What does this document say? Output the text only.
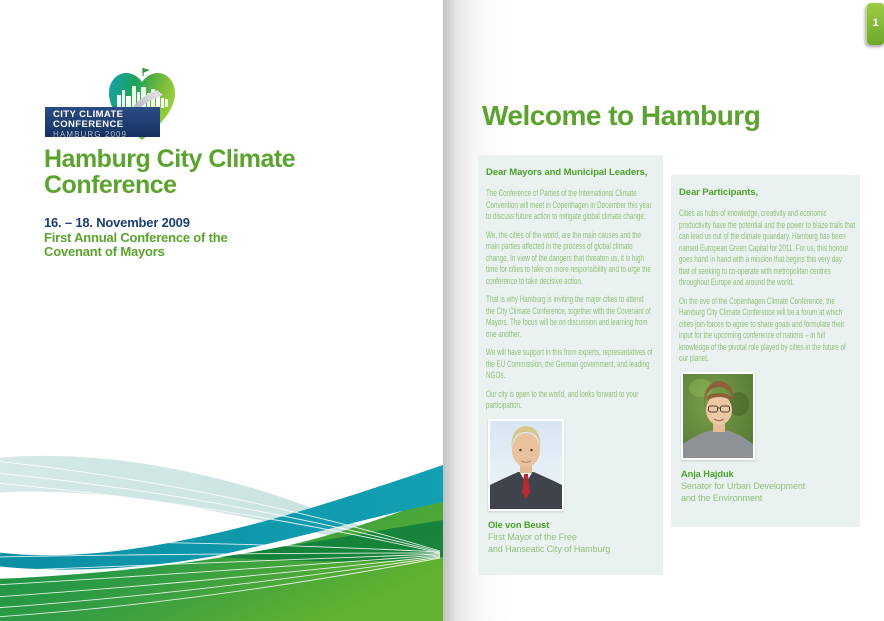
CITY CLIMATE
CONFERENCE
HAMBURG 2009
Hamburg City Climate
Conference
16. – 18. November 2009
First Annual Conference of the
Covenant of Mayors
Welcome to Hamburg
Dear Mayors and Municipal Leaders,

The Conference of Parties of the International Climate Convention will meet in Copenhagen in December this year to discuss future action to mitigate global climate change.

We, the cities of the world, are the main causes and the main parties affected in the process of global climate change. In view of the dangers that threaten us, it is high time for cities to take on more responsibility and to urge the conference to take decisive action.

That is why Hamburg is inviting the major cities to attend the City Climate Conference, together with the Covenant of Mayors. The focus will be on discussion and learning from one another.

We will have support in this from experts, representatives of the EU Commission, the German government, and leading NGOs.

Our city is open to the world, and looks forward to your participation.

Ole von Beust
First Mayor of the Free
and Hanseatic City of Hamburg
Dear Participants,

Cities as hubs of knowledge, creativity and economic productivity have the potential and the power to blaze trails that can lead us out of the climate quandary. Hamburg has been named European Green Capital for 2011. For us, this honour goes hand in hand with a mission that begins this very day: that of seeking to co-operate with metropolitan centres throughout Europe and around the world.

On the eve of the Copenhagen Climate Conference, the Hamburg City Climate Conference will be a forum at which cities join forces to agree to share goals and formulate their input for the upcoming conference of nations – in full knowledge of the pivotal role played by cities in the future of our planet.

Anja Hajduk
Senator for Urban Development
and the Environment
1
